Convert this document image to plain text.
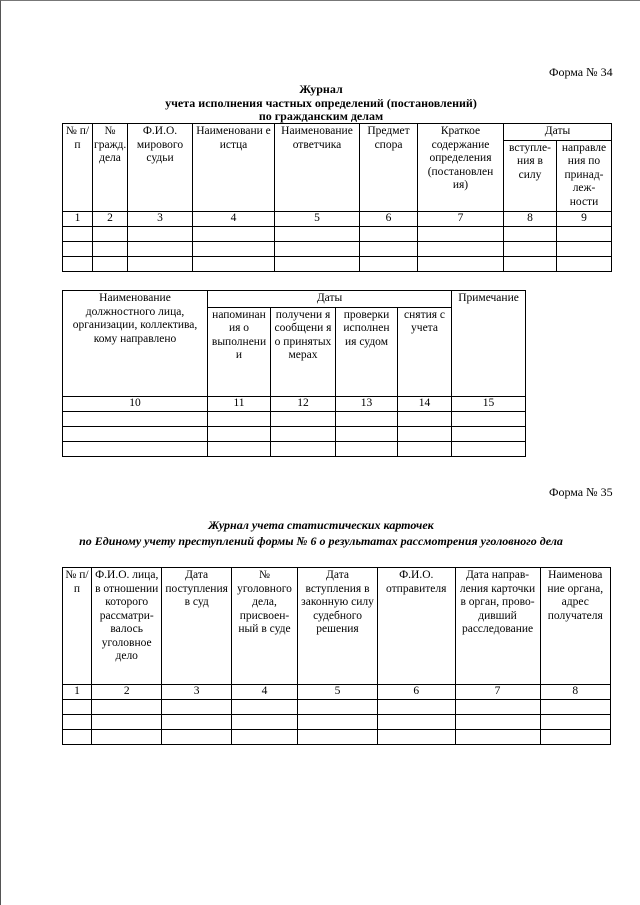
Форма № 34
Журнал
учета исполнения частных определений (постановлений)
по гражданским делам
№ п/п	№ гражд. дела	Ф.И.О. мирового судьи	Наименовани е истца	Наименование ответчика	Предмет спора	Краткое содержание определения (постановлен ия)	Даты	
							вступле- ния в силу	направле ния по принад- леж- ности
1	2	3	4	5	6	7	8	9

Наименование должностного лица, организации, коллектива, кому направлено	Даты				Примечание
	напоминан ия о выполнени и	получени я сообщени я о принятых мерах	проверки исполнен ия судом	снятия с учета	
10	11	12	13	14	15

Форма № 35
Журнал учета статистических карточек
по Единому учету преступлений формы № 6 о результатах рассмотрения уголовного дела
№ п/п	Ф.И.О. лица, в отношении которого рассматри- валось уголовное дело	Дата поступления в суд	№ уголовного дела, присвоен- ный в суде	Дата вступления в законную силу судебного решения	Ф.И.О. отправителя	Дата направ- ления карточки в орган, прово- дивший расследование	Наименова ние органа, адрес получателя
1	2	3	4	5	6	7	8
